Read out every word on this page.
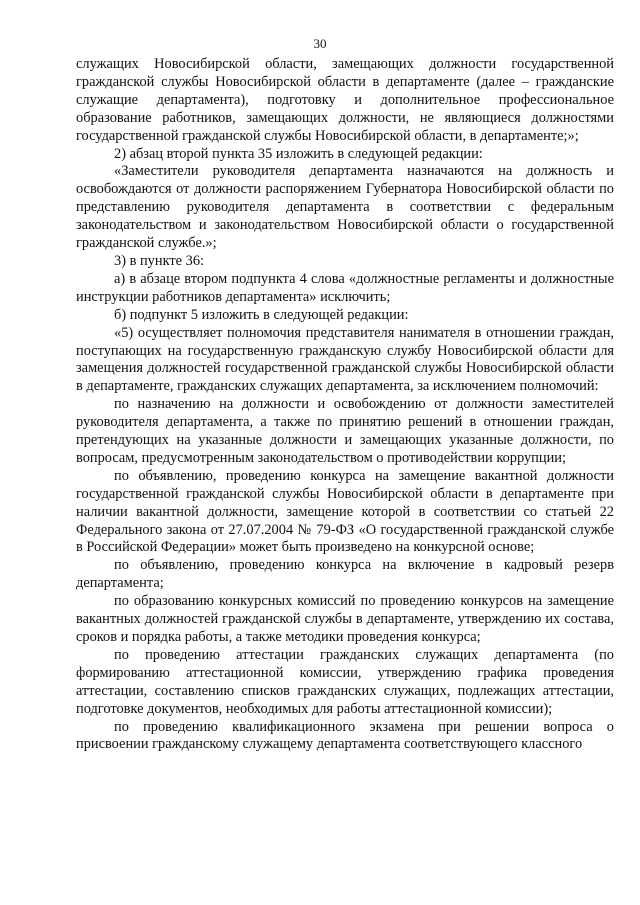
30

служащих Новосибирской области, замещающих должности государственной гражданской службы Новосибирской области в департаменте (далее – гражданские служащие департамента), подготовку и дополнительное профессиональное образование работников, замещающих должности, не являющиеся должностями государственной гражданской службы Новосибирской области, в департаменте;»;

2) абзац второй пункта 35 изложить в следующей редакции:

«Заместители руководителя департамента назначаются на должность и освобождаются от должности распоряжением Губернатора Новосибирской области по представлению руководителя департамента в соответствии с федеральным законодательством и законодательством Новосибирской области о государственной гражданской службе.»;

3) в пункте 36:

а) в абзаце втором подпункта 4 слова «должностные регламенты и должностные инструкции работников департамента» исключить;

б) подпункт 5 изложить в следующей редакции:

«5) осуществляет полномочия представителя нанимателя в отношении граждан, поступающих на государственную гражданскую службу Новосибирской области для замещения должностей государственной гражданской службы Новосибирской области в департаменте, гражданских служащих департамента, за исключением полномочий:

по назначению на должности и освобождению от должности заместителей руководителя департамента, а также по принятию решений в отношении граждан, претендующих на указанные должности и замещающих указанные должности, по вопросам, предусмотренным законодательством о противодействии коррупции;

по объявлению, проведению конкурса на замещение вакантной должности государственной гражданской службы Новосибирской области в департаменте при наличии вакантной должности, замещение которой в соответствии со статьей 22 Федерального закона от 27.07.2004 № 79-ФЗ «О государственной гражданской службе в Российской Федерации» может быть произведено на конкурсной основе;

по объявлению, проведению конкурса на включение в кадровый резерв департамента;

по образованию конкурсных комиссий по проведению конкурсов на замещение вакантных должностей гражданской службы в департаменте, утверждению их состава, сроков и порядка работы, а также методики проведения конкурса;

по проведению аттестации гражданских служащих департамента (по формированию аттестационной комиссии, утверждению графика проведения аттестации, составлению списков гражданских служащих, подлежащих аттестации, подготовке документов, необходимых для работы аттестационной комиссии);

по проведению квалификационного экзамена при решении вопроса о присвоении гражданскому служащему департамента соответствующего классного
